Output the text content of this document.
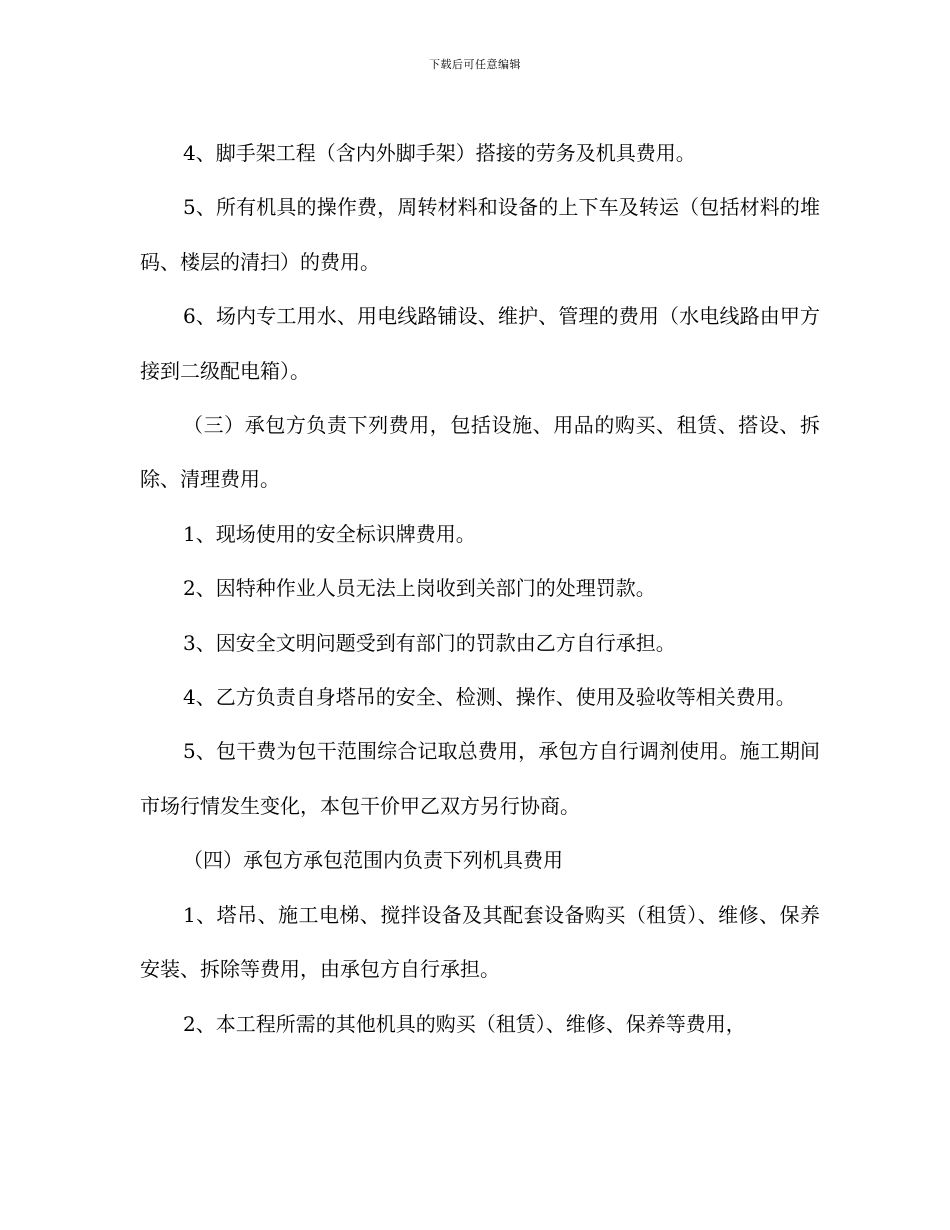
下载后可任意编辑

4、脚手架工程（含内外脚手架）搭接的劳务及机具费用。

5、所有机具的操作费，周转材料和设备的上下车及转运（包括材料的堆码、楼层的清扫）的费用。

6、场内专工用水、用电线路铺设、维护、管理的费用（水电线路由甲方接到二级配电箱）。

（三）承包方负责下列费用，包括设施、用品的购买、租赁、搭设、拆除、清理费用。

1、现场使用的安全标识牌费用。

2、因特种作业人员无法上岗收到关部门的处理罚款。

3、因安全文明问题受到有部门的罚款由乙方自行承担。

4、乙方负责自身塔吊的安全、检测、操作、使用及验收等相关费用。

5、包干费为包干范围综合记取总费用，承包方自行调剂使用。施工期间市场行情发生变化，本包干价甲乙双方另行协商。

（四）承包方承包范围内负责下列机具费用

1、塔吊、施工电梯、搅拌设备及其配套设备购买（租赁）、维修、保养安装、拆除等费用，由承包方自行承担。

2、本工程所需的其他机具的购买（租赁）、维修、保养等费用，
